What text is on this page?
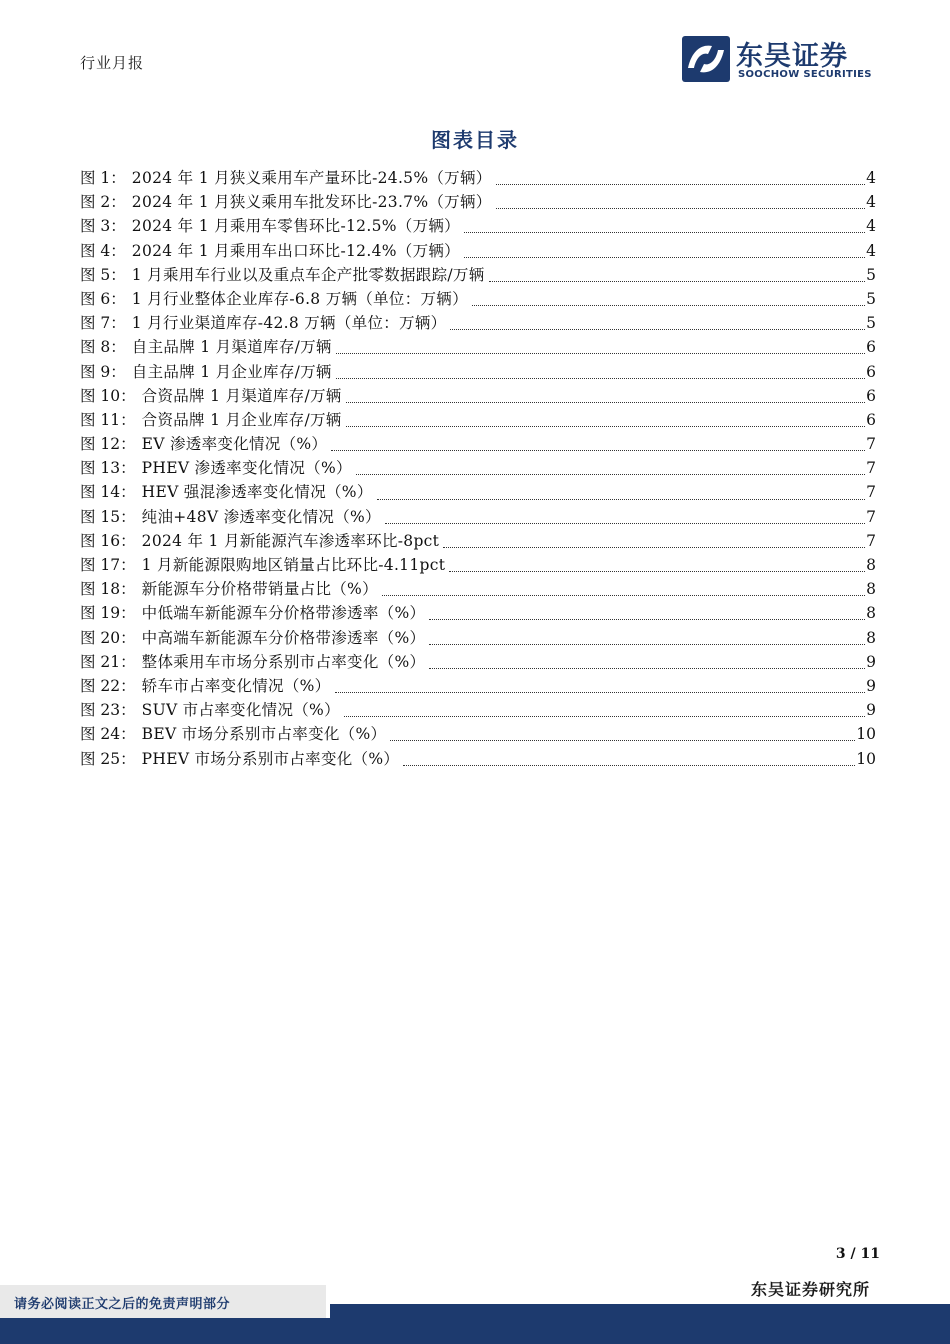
行业月报	东吴证券
SOOCHOW SECURITIES
图表目录
图 1： 2024 年 1 月狭义乘用车产量环比-24.5%（万辆）	4
图 2： 2024 年 1 月狭义乘用车批发环比-23.7%（万辆）	4
图 3： 2024 年 1 月乘用车零售环比-12.5%（万辆）	4
图 4： 2024 年 1 月乘用车出口环比-12.4%（万辆）	4
图 5： 1 月乘用车行业以及重点车企产批零数据跟踪/万辆	5
图 6： 1 月行业整体企业库存-6.8 万辆（单位：万辆）	5
图 7： 1 月行业渠道库存-42.8 万辆（单位：万辆）	5
图 8： 自主品牌 1 月渠道库存/万辆	6
图 9： 自主品牌 1 月企业库存/万辆	6
图 10： 合资品牌 1 月渠道库存/万辆	6
图 11： 合资品牌 1 月企业库存/万辆	6
图 12： EV 渗透率变化情况（%）	7
图 13： PHEV 渗透率变化情况（%）	7
图 14： HEV 强混渗透率变化情况（%）	7
图 15： 纯油+48V 渗透率变化情况（%）	7
图 16： 2024 年 1 月新能源汽车渗透率环比-8pct	7
图 17： 1 月新能源限购地区销量占比环比-4.11pct	8
图 18： 新能源车分价格带销量占比（%）	8
图 19： 中低端车新能源车分价格带渗透率（%）	8
图 20： 中高端车新能源车分价格带渗透率（%）	8
图 21： 整体乘用车市场分系别市占率变化（%）	9
图 22： 轿车市占率变化情况（%）	9
图 23： SUV 市占率变化情况（%）	9
图 24： BEV 市场分系别市占率变化（%）	10
图 25： PHEV 市场分系别市占率变化（%）	10
3 / 11
东吴证券研究所
请务必阅读正文之后的免责声明部分
